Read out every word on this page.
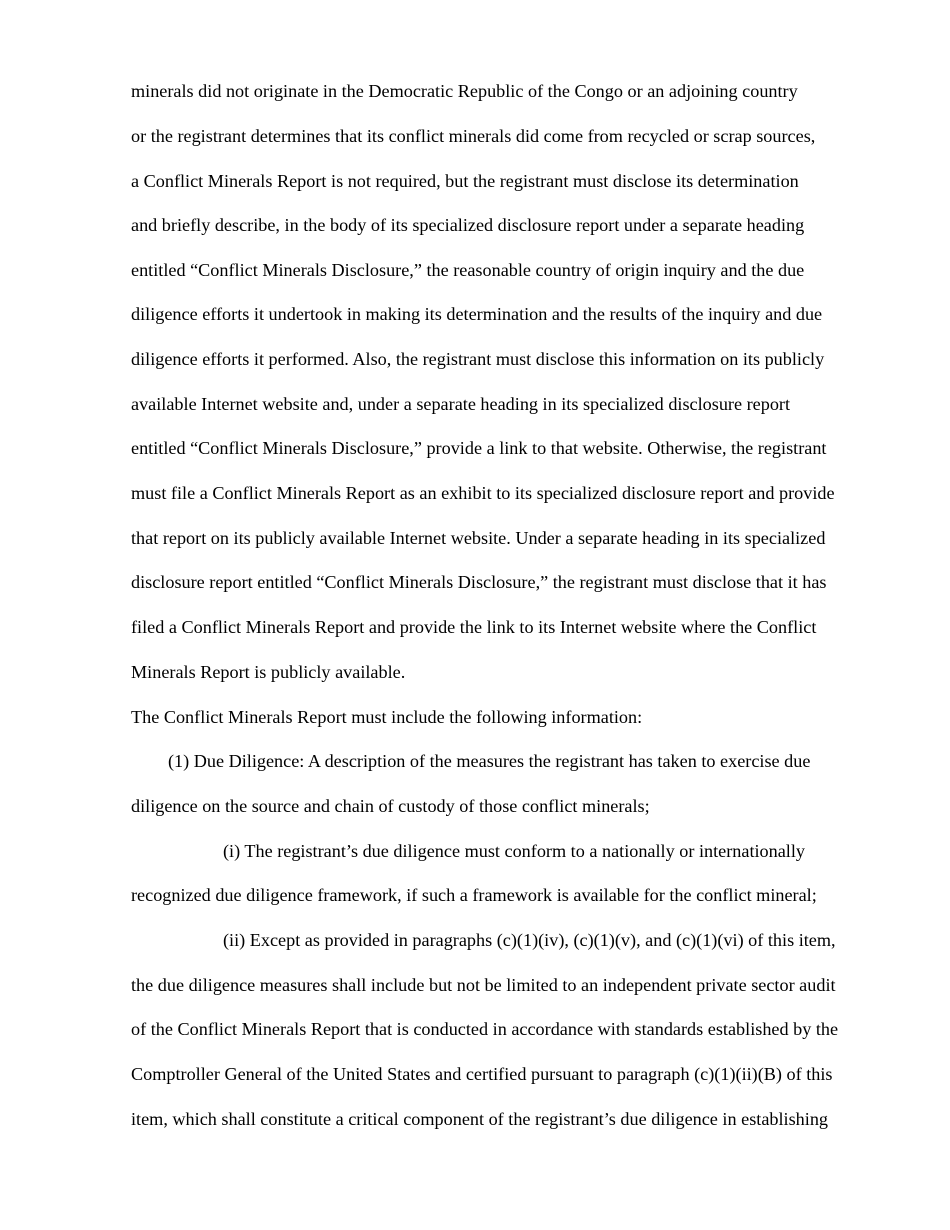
minerals did not originate in the Democratic Republic of the Congo or an adjoining country
or the registrant determines that its conflict minerals did come from recycled or scrap sources,
a Conflict Minerals Report is not required, but the registrant must disclose its determination
and briefly describe, in the body of its specialized disclosure report under a separate heading
entitled “Conflict Minerals Disclosure,” the reasonable country of origin inquiry and the due
diligence efforts it undertook in making its determination and the results of the inquiry and due
diligence efforts it performed. Also, the registrant must disclose this information on its publicly
available Internet website and, under a separate heading in its specialized disclosure report
entitled “Conflict Minerals Disclosure,” provide a link to that website. Otherwise, the registrant
must file a Conflict Minerals Report as an exhibit to its specialized disclosure report and provide
that report on its publicly available Internet website. Under a separate heading in its specialized
disclosure report entitled “Conflict Minerals Disclosure,” the registrant must disclose that it has
filed a Conflict Minerals Report and provide the link to its Internet website where the Conflict
Minerals Report is publicly available.
The Conflict Minerals Report must include the following information:
(1) Due Diligence: A description of the measures the registrant has taken to exercise due
diligence on the source and chain of custody of those conflict minerals;
(i) The registrant’s due diligence must conform to a nationally or internationally
recognized due diligence framework, if such a framework is available for the conflict mineral;
(ii) Except as provided in paragraphs (c)(1)(iv), (c)(1)(v), and (c)(1)(vi) of this item,
the due diligence measures shall include but not be limited to an independent private sector audit
of the Conflict Minerals Report that is conducted in accordance with standards established by the
Comptroller General of the United States and certified pursuant to paragraph (c)(1)(ii)(B) of this
item, which shall constitute a critical component of the registrant’s due diligence in establishing
